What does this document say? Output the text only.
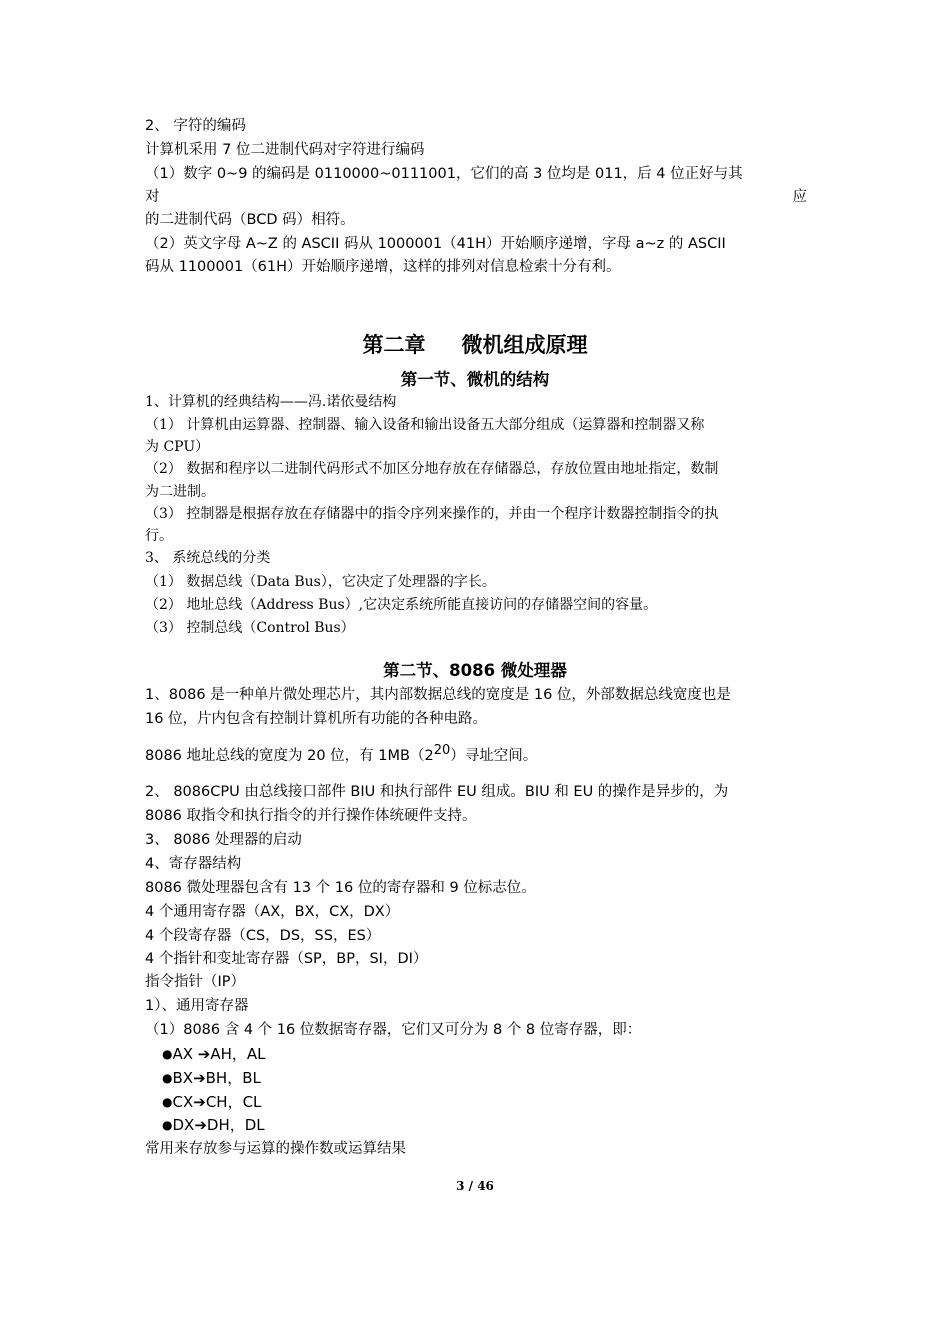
2、 字符的编码
计算机采用 7 位二进制代码对字符进行编码
（1）数字 0~9 的编码是 0110000~0111001，它们的高 3 位均是 011，后 4 位正好与其
对	应
的二进制代码（BCD 码）相符。
（2）英文字母 A~Z 的 ASCII 码从 1000001（41H）开始顺序递增，字母 a~z 的 ASCII
码从 1100001（61H）开始顺序递增，这样的排列对信息检索十分有利。
第二章 微机组成原理
第一节、微机的结构
1、计算机的经典结构——冯.诺依曼结构
（1） 计算机由运算器、控制器、输入设备和输出设备五大部分组成（运算器和控制器又称
为 CPU）
（2） 数据和程序以二进制代码形式不加区分地存放在存储器总，存放位置由地址指定，数制
为二进制。
（3） 控制器是根据存放在存储器中的指令序列来操作的，并由一个程序计数器控制指令的执
行。
3、 系统总线的分类
（1） 数据总线（Data Bus），它决定了处理器的字长。
（2） 地址总线（Address Bus）,它决定系统所能直接访问的存储器空间的容量。
（3） 控制总线（Control Bus）
第二节、8086 微处理器
1、8086 是一种单片微处理芯片，其内部数据总线的宽度是 16 位，外部数据总线宽度也是
16 位，片内包含有控制计算机所有功能的各种电路。
8086 地址总线的宽度为 20 位，有 $1MB(2^{20})$寻址空间。
2、 8086CPU 由总线接口部件 BIU 和执行部件 EU 组成。BIU 和 EU 的操作是异步的，为
8086 取指令和执行指令的并行操作体统硬件支持。
3、 8086 处理器的启动
4、寄存器结构
8086 微处理器包含有 13 个 16 位的寄存器和 9 位标志位。
4 个通用寄存器（AX，BX，CX，DX）
4 个段寄存器（CS，DS，SS，ES）
4 个指针和变址寄存器（SP，BP，SI，DI）
指令指针（IP）
1）、通用寄存器
（1）8086 含 4 个 16 位数据寄存器，它们又可分为 8 个 8 位寄存器，即：
●AX ➔AH，AL
●BX➔BH，BL
●CX➔CH，CL
●DX➔DH，DL
常用来存放参与运算的操作数或运算结果
3 / 46
